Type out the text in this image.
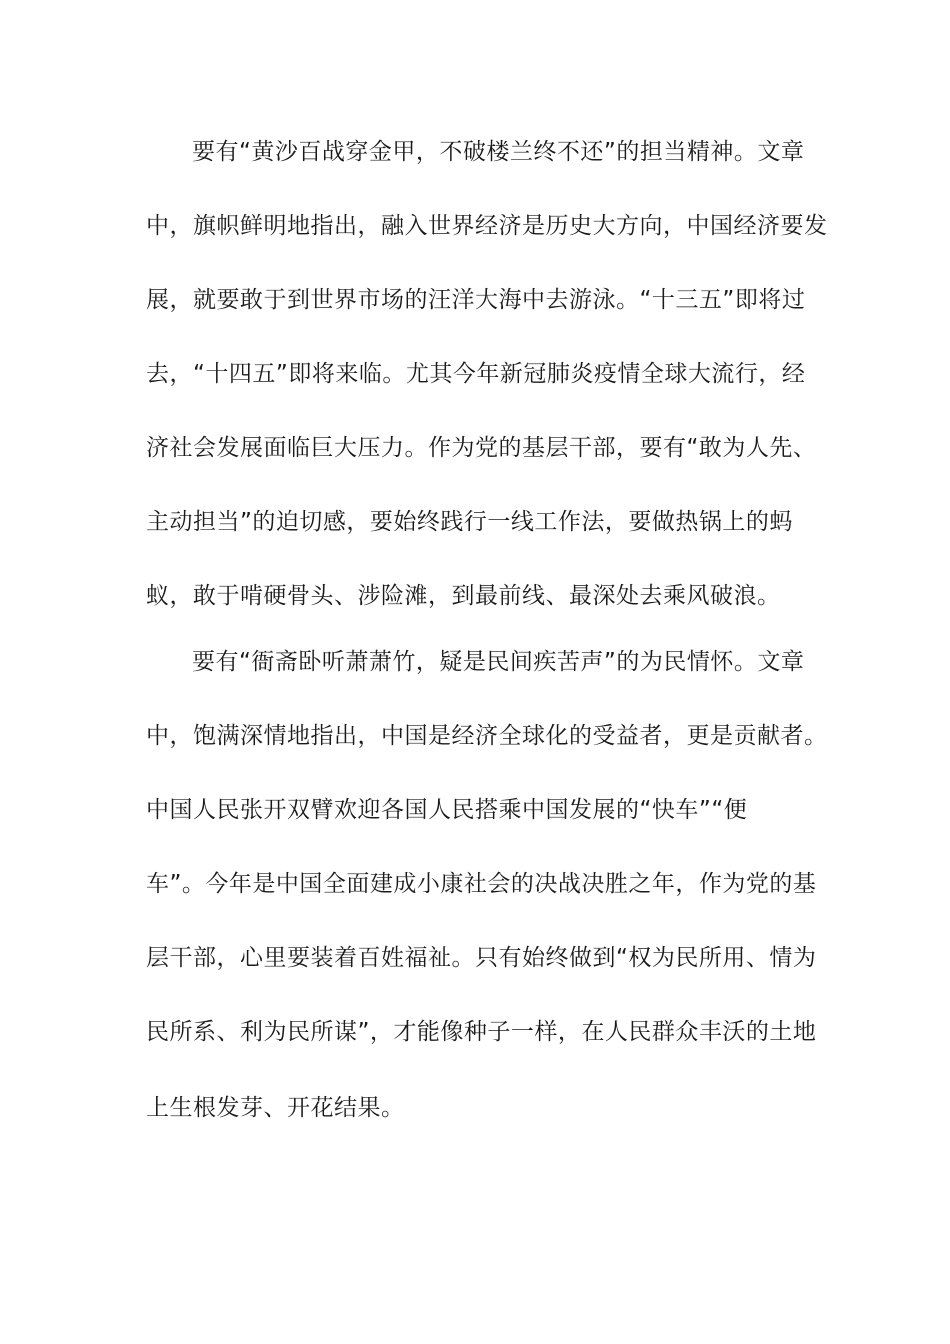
要有“黄沙百战穿金甲，不破楼兰终不还”的担当精神。文章
中，旗帜鲜明地指出，融入世界经济是历史大方向，中国经济要发
展，就要敢于到世界市场的汪洋大海中去游泳。“十三五”即将过
去，“十四五”即将来临。尤其今年新冠肺炎疫情全球大流行，经
济社会发展面临巨大压力。作为党的基层干部，要有“敢为人先、
主动担当”的迫切感，要始终践行一线工作法，要做热锅上的蚂
蚁，敢于啃硬骨头、涉险滩，到最前线、最深处去乘风破浪。
要有“衙斋卧听萧萧竹，疑是民间疾苦声”的为民情怀。文章
中，饱满深情地指出，中国是经济全球化的受益者，更是贡献者。
中国人民张开双臂欢迎各国人民搭乘中国发展的“快车”“便
车”。今年是中国全面建成小康社会的决战决胜之年，作为党的基
层干部，心里要装着百姓福祉。只有始终做到“权为民所用、情为
民所系、利为民所谋”，才能像种子一样，在人民群众丰沃的土地
上生根发芽、开花结果。
